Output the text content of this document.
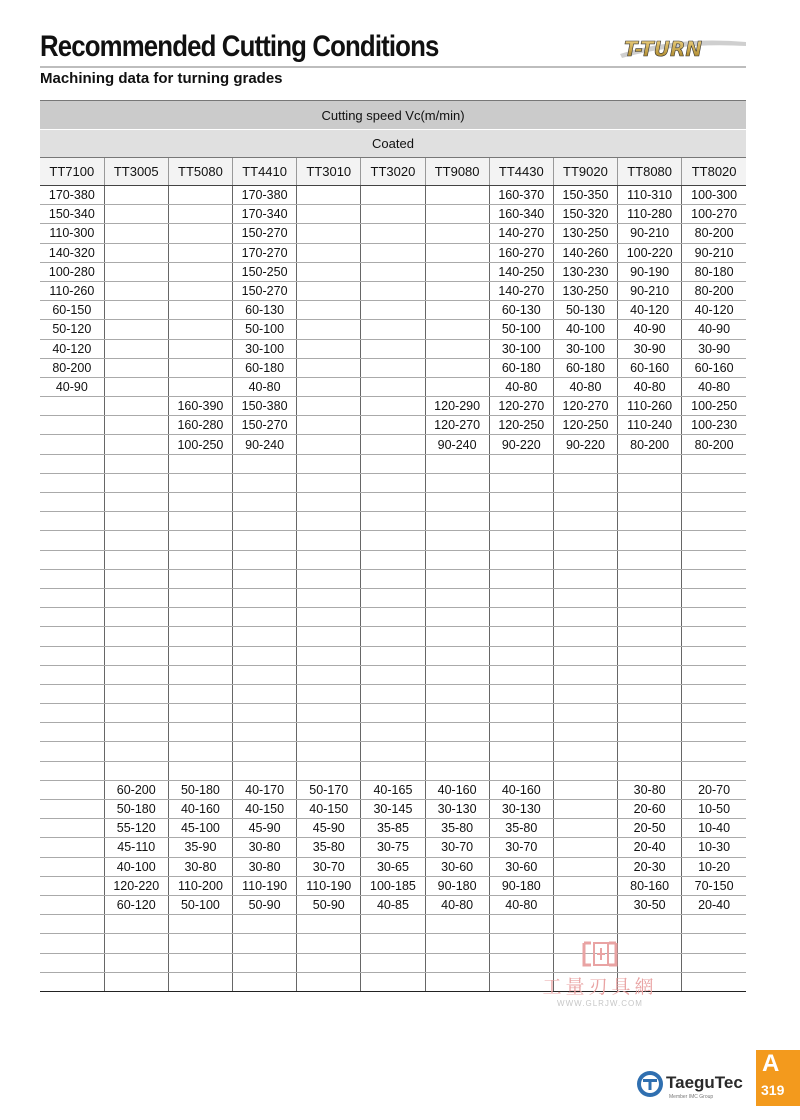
Recommended Cutting Conditions
Machining data for turning grades
T-TURN
Cutting speed Vc(m/min)										
Coated										
TT7100	TT3005	TT5080	TT4410	TT3010	TT3020	TT9080	TT4430	TT9020	TT8080	TT8020
170-380			170-380				160-370	150-350	110-310	100-300
150-340			170-340				160-340	150-320	110-280	100-270
110-300			150-270				140-270	130-250	90-210	80-200
140-320			170-270				160-270	140-260	100-220	90-210
100-280			150-250				140-250	130-230	90-190	80-180
110-260			150-270				140-270	130-250	90-210	80-200
60-150			60-130				60-130	50-130	40-120	40-120
50-120			50-100				50-100	40-100	40-90	40-90
40-120			30-100				30-100	30-100	30-90	30-90
80-200			60-180				60-180	60-180	60-160	60-160
40-90			40-80				40-80	40-80	40-80	40-80
		160-390	150-380			120-290	120-270	120-270	110-260	100-250
		160-280	150-270			120-270	120-250	120-250	110-240	100-230
		100-250	90-240			90-240	90-220	90-220	80-200	80-200

	60-200	50-180	40-170	50-170	40-165	40-160	40-160		30-80	20-70
	50-180	40-160	40-150	40-150	30-145	30-130	30-130		20-60	10-50
	55-120	45-100	45-90	45-90	35-85	35-80	35-80		20-50	10-40
	45-110	35-90	30-80	35-80	30-75	30-70	30-70		20-40	10-30
	40-100	30-80	30-80	30-70	30-65	30-60	30-60		20-30	10-20
	120-220	110-200	110-190	110-190	100-185	90-180	90-180		80-160	70-150
	60-120	50-100	50-90	50-90	40-85	40-80	40-80		30-50	20-40

工量刃具網
WWW.GLRJW.COM
TaeguTec
Member IMC Group
A
319
